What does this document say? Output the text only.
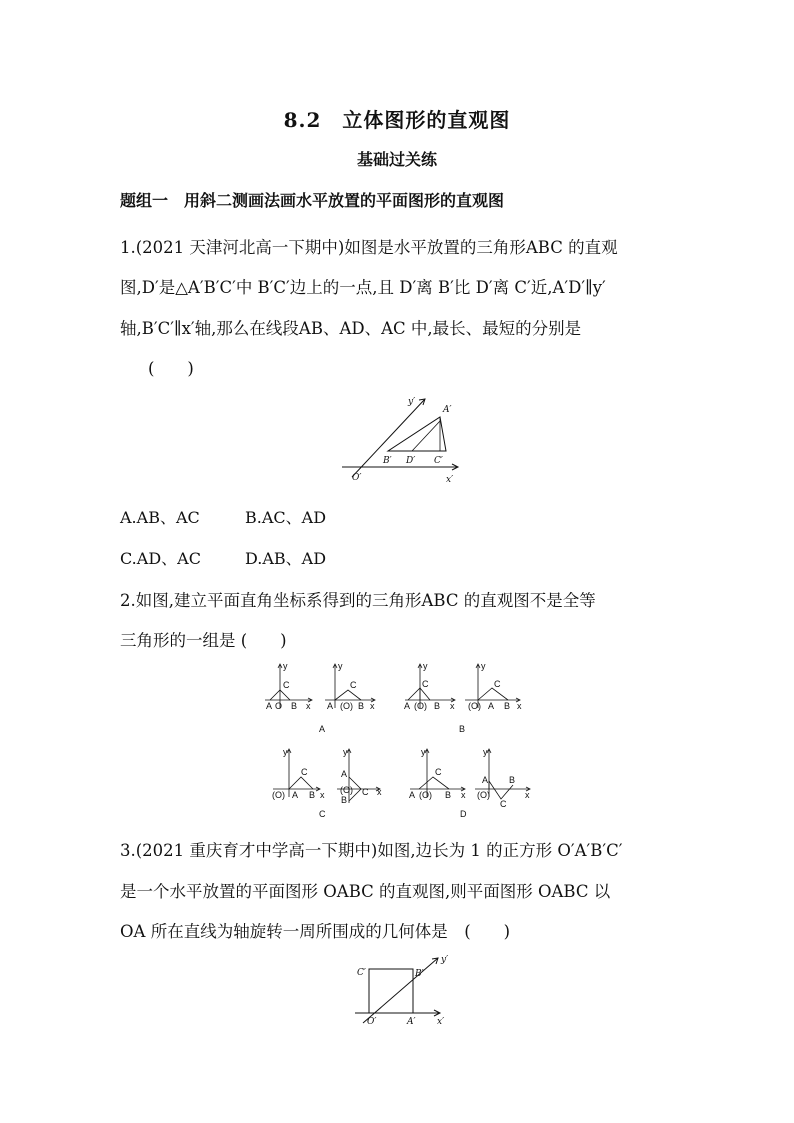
8.2　立体图形的直观图
基础过关练
题组一　用斜二测画法画水平放置的平面图形的直观图
1.(2021 天津河北高一下期中)如图是水平放置的三角形ABC 的直观
图,D′是△A′B′C′中 B′C′边上的一点,且 D′离 B′比 D′离 C′近,A′D′∥y′
轴,B′C′∥x′轴,那么在线段AB、AD、AC 中,最长、最短的分别是
(　　)
y′
x′
O′
A′
B′	C′
D′
A.AB、AC	B.AC、AD
C.AD、AC	D.AB、AD
2.如图,建立平面直角坐标系得到的三角形ABC 的直观图不是全等
三角形的一组是 (　　)
y
C
A O B x
y
C
A (O) B x
A
y
C
A (O) B x
y
C
(O) A B x
B
y
C
(O) A B x
y
A
(O) C
B
x
C
y
C
A (O) B x
y
A
(O)
B
C
x
D
3.(2021 重庆育才中学高一下期中)如图,边长为 1 的正方形 O′A′B′C′
是一个水平放置的平面图形 OABC 的直观图,则平面图形 OABC 以
OA 所在直线为轴旋转一周所围成的几何体是　(　　)
y′
x′
O′	A′
B′
C′
